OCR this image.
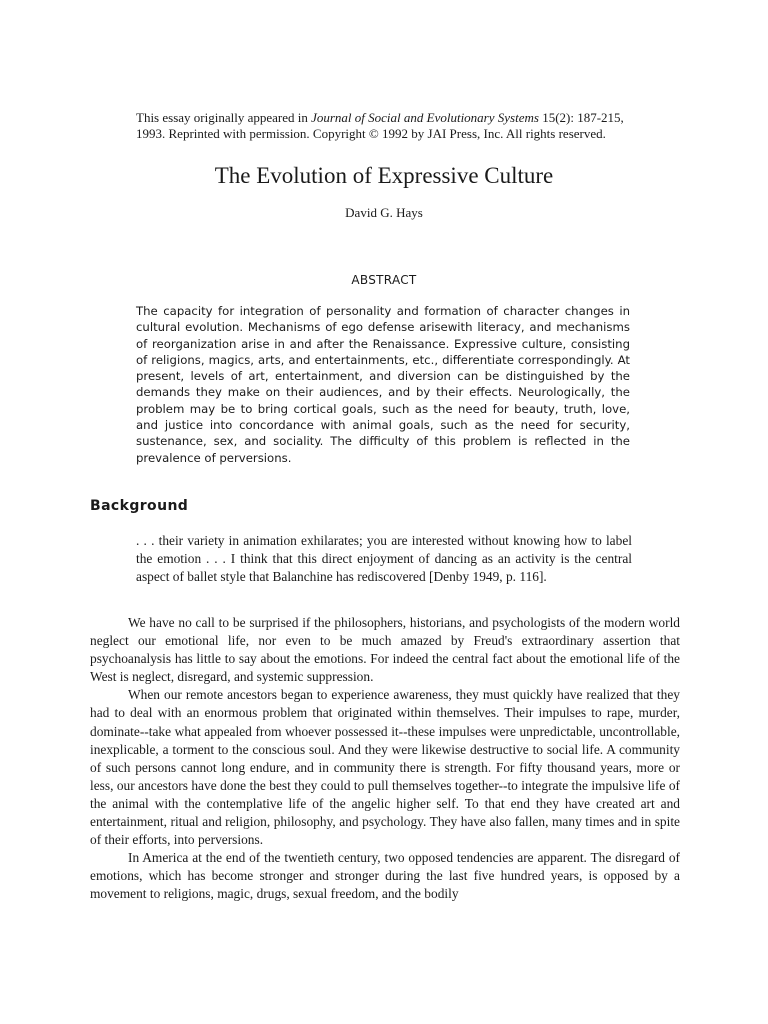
This essay originally appeared in Journal of Social and Evolutionary Systems 15(2): 187-215, 1993. Reprinted with permission. Copyright © 1992 by JAI Press, Inc. All rights reserved.
The Evolution of Expressive Culture
David G. Hays
ABSTRACT
The capacity for integration of personality and formation of character changes in cultural evolution. Mechanisms of ego defense arisewith literacy, and mechanisms of reorganization arise in and after the Renaissance. Expressive culture, consisting of religions, magics, arts, and entertainments, etc., differentiate correspondingly. At present, levels of art, entertainment, and diversion can be distinguished by the demands they make on their audiences, and by their effects. Neurologically, the problem may be to bring cortical goals, such as the need for beauty, truth, love, and justice into concordance with animal goals, such as the need for security, sustenance, sex, and sociality. The difficulty of this problem is reflected in the prevalence of perversions.
Background
. . . their variety in animation exhilarates; you are interested without knowing how to label the emotion . . . I think that this direct enjoyment of dancing as an activity is the central aspect of ballet style that Balanchine has rediscovered [Denby 1949, p. 116].

We have no call to be surprised if the philosophers, historians, and psychologists of the modern world neglect our emotional life, nor even to be much amazed by Freud's extraordinary assertion that psychoanalysis has little to say about the emotions. For indeed the central fact about the emotional life of the West is neglect, disregard, and systemic suppression.

When our remote ancestors began to experience awareness, they must quickly have realized that they had to deal with an enormous problem that originated within themselves. Their impulses to rape, murder, dominate--take what appealed from whoever possessed it--these impulses were unpredictable, uncontrollable, inexplicable, a torment to the conscious soul. And they were likewise destructive to social life. A community of such persons cannot long endure, and in community there is strength. For fifty thousand years, more or less, our ancestors have done the best they could to pull themselves together--to integrate the impulsive life of the animal with the contemplative life of the angelic higher self. To that end they have created art and entertainment, ritual and religion, philosophy, and psychology. They have also fallen, many times and in spite of their efforts, into perversions.

In America at the end of the twentieth century, two opposed tendencies are apparent. The disregard of emotions, which has become stronger and stronger during the last five hundred years, is opposed by a movement to religions, magic, drugs, sexual freedom, and the bodily
